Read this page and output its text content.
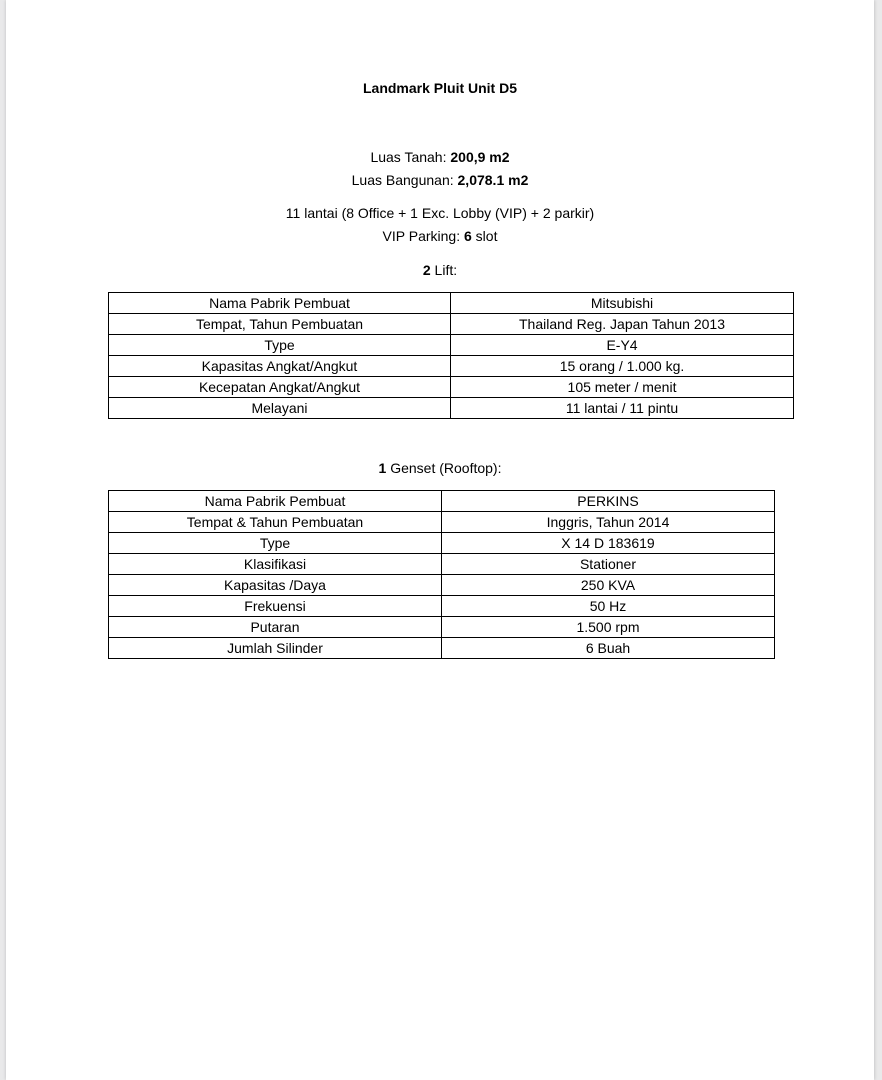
Landmark Pluit Unit D5
Luas Tanah: 200,9 m2
Luas Bangunan: 2,078.1 m2
11 lantai (8 Office + 1 Exc. Lobby (VIP) + 2 parkir)
VIP Parking: 6 slot
2 Lift:
Nama Pabrik Pembuat	Mitsubishi
Tempat, Tahun Pembuatan	Thailand Reg. Japan Tahun 2013
Type	E-Y4
Kapasitas Angkat/Angkut	15 orang / 1.000 kg.
Kecepatan Angkat/Angkut	105 meter / menit
Melayani	11 lantai / 11 pintu
1 Genset (Rooftop):
Nama Pabrik Pembuat	PERKINS
Tempat & Tahun Pembuatan	Inggris, Tahun 2014
Type	X 14 D 183619
Klasifikasi	Stationer
Kapasitas /Daya	250 KVA
Frekuensi	50 Hz
Putaran	1.500 rpm
Jumlah Silinder	6 Buah
